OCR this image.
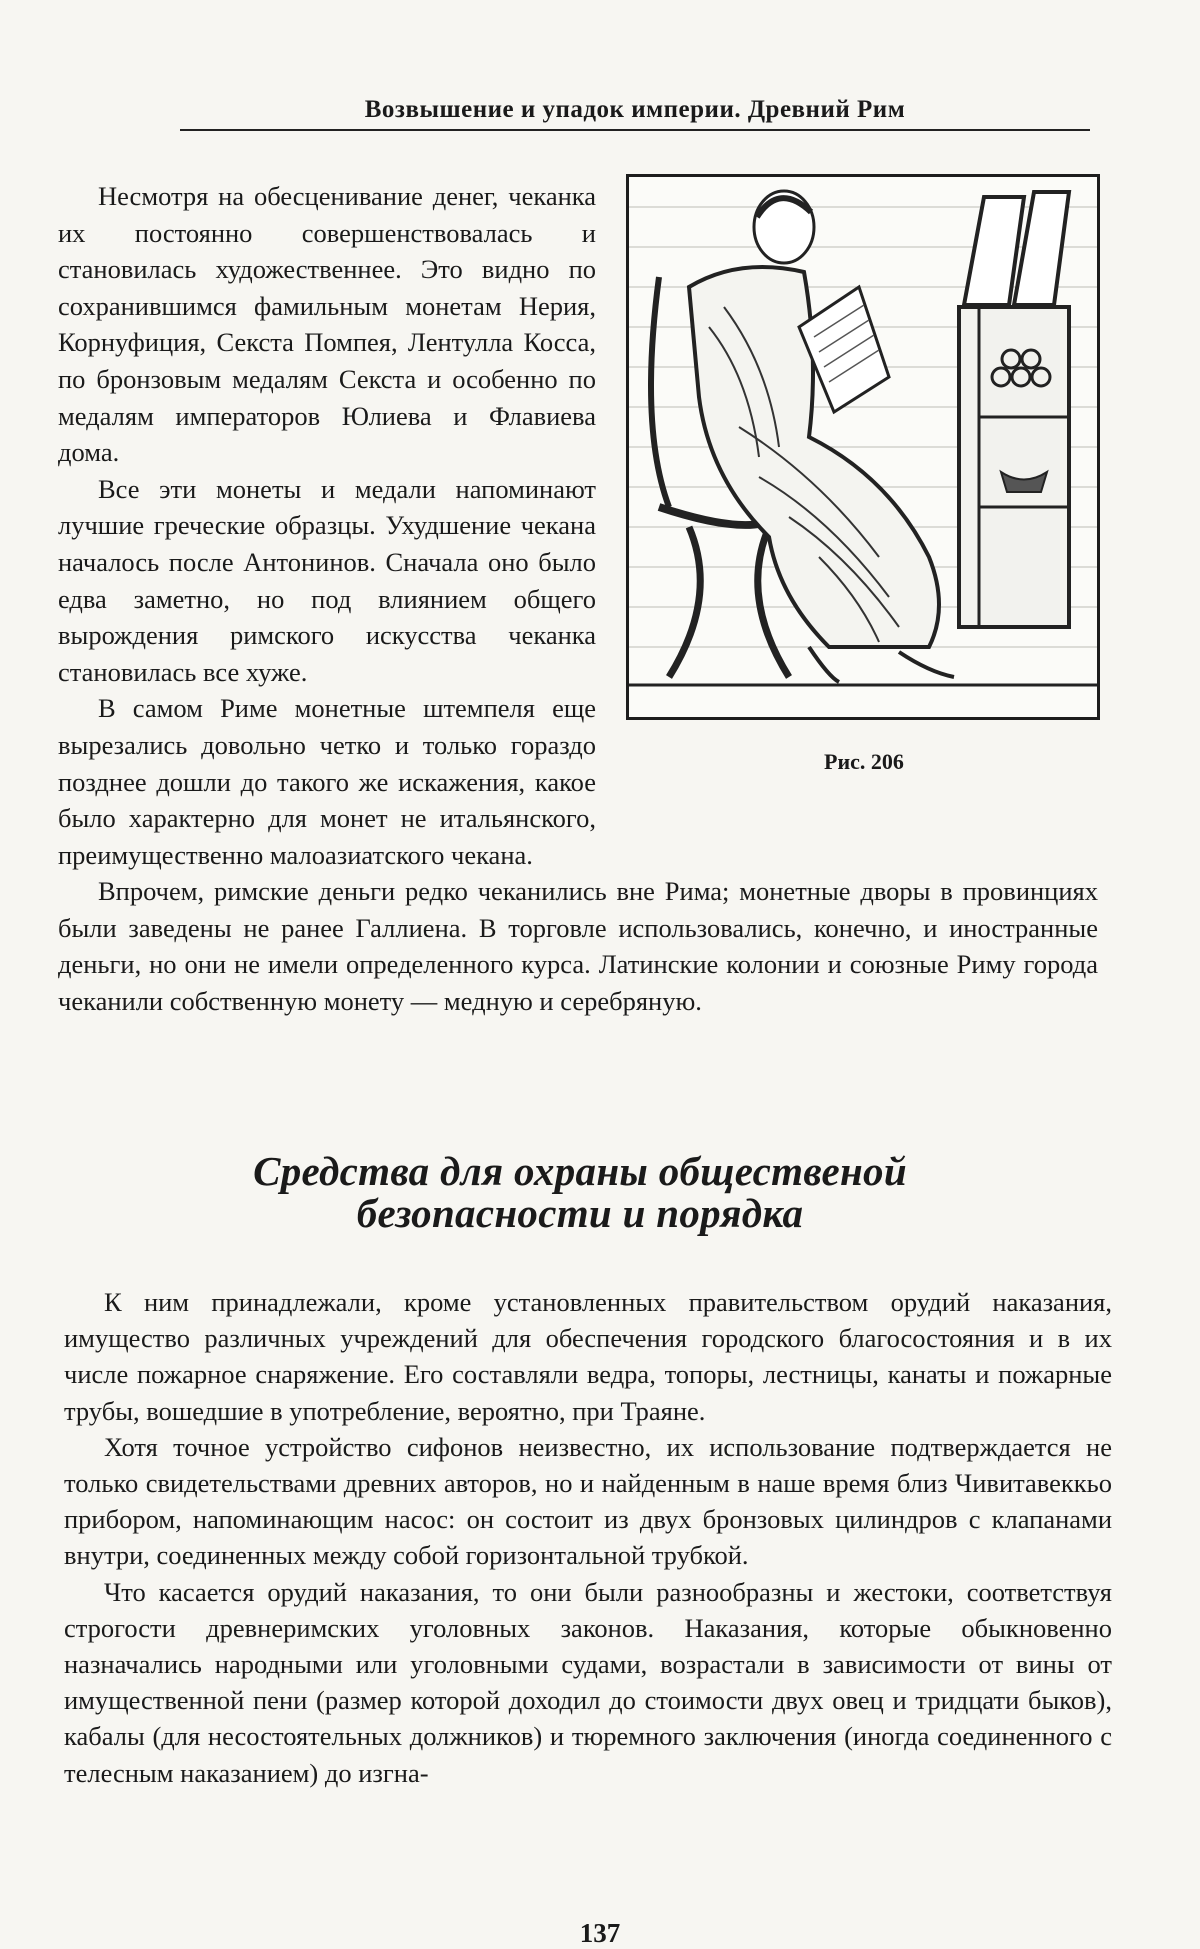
Возвышение и упадок империи. Древний Рим
Рис. 206

Несмотря на обесценивание денег, чеканка их постоянно совершенствовалась и становилась художественнее. Это видно по сохранившимся фамильным монетам Нерия, Корнуфиция, Секста Помпея, Лентулла Косса, по бронзовым медалям Секста и особенно по медалям императоров Юлиева и Флавиева дома.

Все эти монеты и медали напоминают лучшие греческие образцы. Ухудшение чекана началось после Антонинов. Сначала оно было едва заметно, но под влиянием общего вырождения римского искусства чеканка становилась все хуже.

В самом Риме монетные штемпеля еще вырезались довольно четко и только гораздо позднее дошли до такого же искажения, какое было характерно для монет не итальянского, преимущественно малоазиатского чекана.

Впрочем, римские деньги редко чеканились вне Рима; монетные дворы в провинциях были заведены не ранее Галлиена. В торговле использовались, конечно, и иностранные деньги, но они не имели определенного курса. Латинские колонии и союзные Риму города чеканили собственную монету — медную и серебряную.

Средства для охраны общественой
безопасности и порядка

К ним принадлежали, кроме установленных правительством орудий наказания, имущество различных учреждений для обеспечения городского благосостояния и в их числе пожарное снаряжение. Его составляли ведра, топоры, лестницы, канаты и пожарные трубы, вошедшие в употребление, вероятно, при Траяне.

Хотя точное устройство сифонов неизвестно, их использование подтверждается не только свидетельствами древних авторов, но и найденным в наше время близ Чивитавеккьо прибором, напоминающим насос: он состоит из двух бронзовых цилиндров с клапанами внутри, соединенных между собой горизонтальной трубкой.

Что касается орудий наказания, то они были разнообразны и жестоки, соответствуя строгости древнеримских уголовных законов. Наказания, которые обыкновенно назначались народными или уголовными судами, возрастали в зависимости от вины от имущественной пени (размер которой доходил до стоимости двух овец и тридцати быков), кабалы (для несостоятельных должников) и тюремного заключения (иногда соединенного с телесным наказанием) до изгна-

137
